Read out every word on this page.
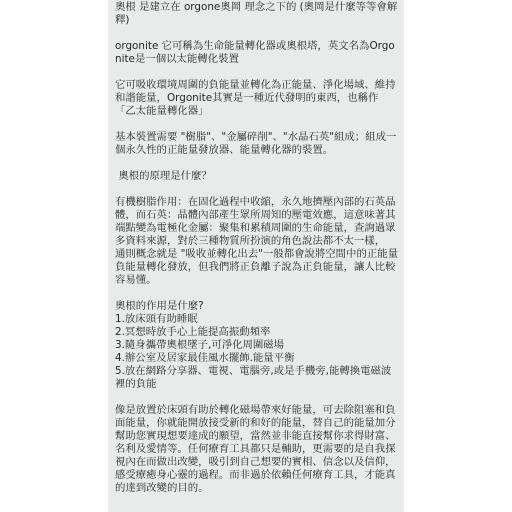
奧根 是建立在 orgone奧岡 理念之下的 (奧岡是什麼等等會解釋)

orgonite 它可稱為生命能量轉化器或奧根塔，英文名為Orgonite是一個以太能轉化裝置

它可吸收環境周圍的負能量並轉化為正能量、淨化場域、維持和諧能量，Orgonite其實是一種近代發明的東西，也稱作「乙太能量轉化器」

基本裝置需要 "樹脂"、"金屬碎削"、"水晶石英"組成；組成一個永久性的正能量發放器、能量轉化器的裝置。

奧根的原理是什麼？

有機樹脂作用：在固化過程中收縮，永久地擠壓內部的石英晶體，而石英：晶體內部產生眾所周知的壓電效應，這意味著其端點變為電極化金屬：聚集和累積周圍的生命能量，查詢過眾多資料來源，對於三種物質所扮演的角色說法都不太一樣，
通則概念就是 "吸收並轉化出去"一般都會說將空間中的正能量負能量轉化發放，但我們將正負離子說為正負能量，讓人比較容易懂。

奧根的作用是什麼?
1.放床頭有助睡眠
2.冥想時放手心上能提高振動頻率
3.隨身攜帶奧根墜子,可淨化周圍磁場
4.辦公室及居家最佳風水擺飾.能量平衡
5.放在網路分享器、電視、電腦旁,或是手機旁,能轉換電磁波裡的負能

像是放置於床頭有助於轉化磁場帶來好能量，可去除阻塞和負面能量，你就能開放接受新的和好的能量，替自己的能量加分幫助您實現想要達成的願望，當然並非能直接幫你求得財富、名利及愛情等。任何療育工具都只是輔助，更需要的是自我探視內在而做出改變，吸引到自己想要的實相、信念以及信仰，感受療癒身心靈的過程。而非過於依賴任何療育工具，才能真的達到改變的目的。
